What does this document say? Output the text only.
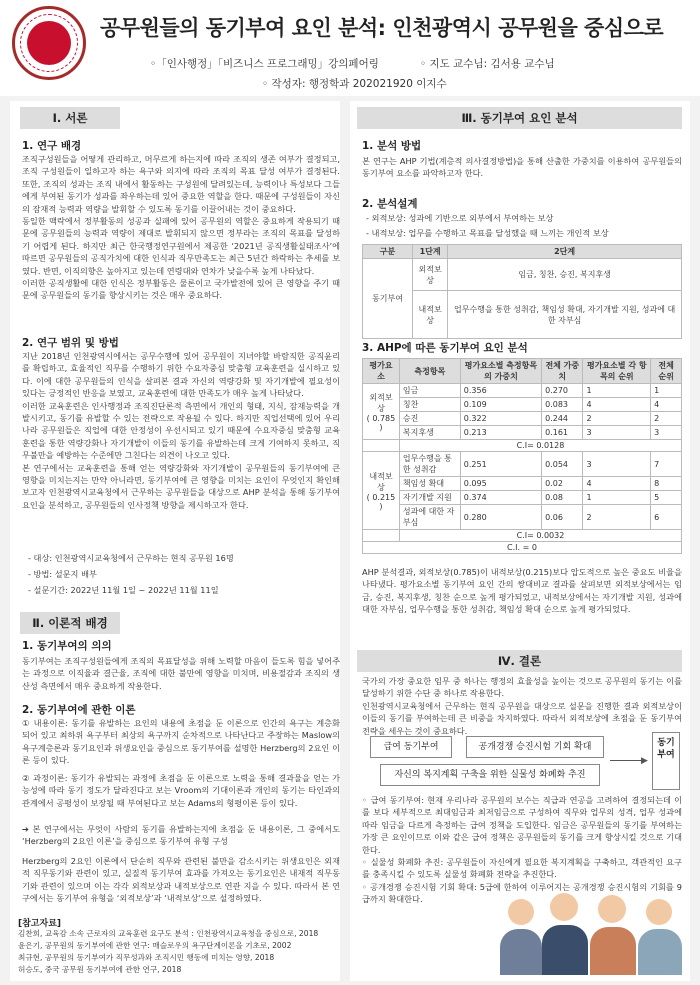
공무원들의 동기부여 요인 분석: 인천광역시 공무원을 중심으로
◦「인사행정」「비즈니스 프로그래밍」강의페어링	◦ 지도 교수님: 김서용 교수님
◦ 작성자: 행정학과 202021920 이지수
Ⅰ. 서론
1. 연구 배경
조직구성원들을 어떻게 관리하고, 머무르게 하는지에 따라 조직의 생존 여부가 결정되고, 조직 구성원들이 일하고자 하는 욕구와 의지에 따라 조직의 목표 달성 여부가 결정된다. 또한, 조직의 성과는 조직 내에서 활동하는 구성원에 달려있는데, 능력이나 특성보다 그들에게 부여된 동기가 성과를 좌우하는데 있어 중요한 역할을 한다. 때문에 구성원들이 자신의 잠재적 능력과 역량을 발휘할 수 있도록 동기를 이끌어내는 것이 중요하다.
동일한 맥락에서 정부활동의 성공과 실패에 있어 공무원의 역할은 중요하게 작용되기 때문에 공무원들의 능력과 역량이 제대로 발휘되지 않으면 정부라는 조직의 목표를 달성하기 어렵게 된다. 하지만 최근 한국행정연구원에서 제공한 ‘2021년 공직생활실태조사’에 따르면 공무원들의 공직가치에 대한 인식과 직무만족도는 최근 5년간 하락하는 추세를 보였다. 반면, 이직의향은 높아지고 있는데 연령대와 연차가 낮을수록 높게 나타났다.
이러한 공직생활에 대한 인식은 정부활동은 물론이고 국가발전에 있어 큰 영향을 주기 때문에 공무원들의 동기를 향상시키는 것은 매우 중요하다.
2. 연구 범위 및 방법
지난 2018년 인천광역시에서는 공무수행에 있어 공무원이 지녀야할 바람직한 공직윤리를 확립하고, 효율적인 직무를 수행하기 위한 수요자중심 맞춤형 교육훈련을 실시하고 있다. 이에 대한 공무원들의 인식을 살펴본 결과 자신의 역량강화 및 자기개발에 필요성이 있다는 긍정적인 반응을 보였고, 교육훈련에 대한 만족도가 매우 높게 나타났다.
이러한 교육훈련은 인사행정과 조직진단론적 측면에서 개인의 형태, 지식, 잠재능력을 개발시키고, 동기를 유발할 수 있는 전략으로 작용될 수 있다. 하지만 직업선택에 있어 우리나라 공무원들은 직업에 대한 안정성이 우선시되고 있기 때문에 수요자중심 맞춤형 교육훈련을 통한 역량강화나 자기개발이 이들의 동기를 유발하는데 크게 기여하지 못하고, 직무불만을 예방하는 수준에만 그친다는 의견이 나오고 있다.
본 연구에서는 교육훈련을 통해 얻는 역량강화와 자기개발이 공무원들의 동기부여에 큰 영향을 미치는지는 만약 아니라면, 동기부여에 큰 영향을 미치는 요인이 무엇인지 확인해보고자 인천광역시교육청에서 근무하는 공무원들을 대상으로 AHP 분석을 통해 동기부여 요인을 분석하고, 공무원들의 인사정책 방향을 제시하고자 한다.
- 대상: 인천광역시교육청에서 근무하는 현직 공무원 16명
- 방법: 설문지 배부
- 설문기간: 2022년 11월 1일 ~ 2022년 11월 11일
Ⅱ. 이론적 배경
1. 동기부여의 의의
동기부여는 조직구성원들에게 조직의 목표달성을 위해 노력할 마음이 들도록 힘을 넣어주는 과정으로 이직율과 결근율, 조직에 대한 불만에 영향을 미치며, 비용절감과 조직의 생산성 측면에서 매우 중요하게 작용한다.
2. 동기부여에 관한 이론
① 내용이론: 동기를 유발하는 요인의 내용에 초점을 둔 이론으로 인간의 욕구는 계층화 되어 있고 최하위 욕구부터 최상의 욕구까지 순차적으로 나타난다고 주장하는 Maslow의 욕구계층론과 동기요인과 위생요인을 중심으로 동기부여를 설명한 Herzberg의 2요인 이론 등이 있다.
② 과정이론: 동기가 유발되는 과정에 초점을 둔 이론으로 노력을 통해 결과물을 얻는 가능성에 따라 동기 정도가 달라진다고 보는 Vroom의 기대이론과 개인의 동기는 타인과의 관계에서 공평성이 보장될 때 부여된다고 보는 Adams의 형평이론 등이 있다.
➔ 본 연구에서는 무엇이 사람의 동기를 유발하는지에 초점을 둔 내용이론, 그 중에서도 ‘Herzberg의 2요인 이론’을 중심으로 동기부여 유형 구성
Herzberg의 2요인 이론에서 단순히 직무와 관련된 불만을 감소시키는 위생요인은 외재적 직무동기와 관련이 있고, 실질적 동기부여 효과를 가져오는 동기요인은 내재적 직무동기와 관련이 있으며 이는 각각 외적보상과 내적보상으로 연관 지을 수 있다. 따라서 본 연구에서는 동기부여 유형을 ‘외적보상’과 ‘내적보상’으로 설정하였다.
[참고자료]
김찬희, 교육감 소속 근로자의 교육훈련 요구도 분석 : 인천광역시교육청을 중심으로, 2018
윤은기, 공무원의 동기부여에 관한 연구: 매슬로우의 욕구단계이론을 기초로, 2002
최규현, 공무원의 동기부여가 직무성과와 조직시민 행동에 미치는 영향, 2018
허승도, 중국 공무원 동기부여에 관한 연구, 2018
Ⅲ. 동기부여 요인 분석
1. 분석 방법
본 연구는 AHP 기법(계층적 의사결정방법)을 통해 산출한 가중치를 이용하여 공무원들의 동기부여 요소를 파악하고자 한다.
2. 분석설계
- 외적보상: 성과에 기반으로 외부에서 부여하는 보상
- 내적보상: 업무를 수행하고 목표를 달성했을 때 느끼는 개인적 보상
구분	1단계	2단계
동기부여	외적보상	임금, 칭찬, 승진, 복지후생
	내적보상	업무수행을 통한 성취감, 책임성 확대, 자기개발 지원, 성과에 대한 자부심
3. AHP에 따른 동기부여 요인 분석
평가요소	측정항목	평가요소별 측정항목의 가중치	전체 가중치	평가요소별 각 항목의 순위	전체 순위
외적보상
( 0.785 )	임금	0.356	0.270	1	1
	칭찬	0.109	0.083	4	4
	승진	0.322	0.244	2	2
	복지후생	0.213	0.161	3	3
	C.I= 0.0128				
내적보상
( 0.215 )	업무수행을 통한 성취감	0.251	0.054	3	7
	책임성 확대	0.095	0.02	4	8
	자기개발 지원	0.374	0.08	1	5
	성과에 대한 자부심	0.280	0.06	2	6
	C.I= 0.0032				
C.I. = 0					
AHP 분석결과, 외적보상(0.785)이 내적보상(0.215)보다 압도적으로 높은 중요도 비율을 나타냈다. 평가요소별 동기부여 요인 간의 쌍대비교 결과를 살펴보면 외적보상에서는 임금, 승진, 복지후생, 칭찬 순으로 높게 평가되었고, 내적보상에서는 자기개발 지원, 성과에 대한 자부심, 업무수행을 통한 성취감, 책임성 확대 순으로 높게 평가되었다.
Ⅳ. 결론
국가의 가장 중요한 임무 중 하나는 행정의 효율성을 높이는 것으로 공무원의 동기는 이를 달성하기 위한 수단 중 하나로 작용한다.
인천광역시교육청에서 근무하는 현직 공무원을 대상으로 설문을 진행한 결과 외적보상이 이들의 동기를 부여하는데 큰 비중을 차지하였다. 따라서 외적보상에 초점을 둔 동기부여 전략을 세우는 것이 중요하다.
급여 동기부여	공개경쟁 승진시험 기회 확대
자신의 복지계획 구축을 위한 실물성 화폐화 추진
▶
동기
부여
◦ 급여 동기부여: 현재 우리나라 공무원의 보수는 직급과 연공을 고려하여 결정되는데 이를 보다 세부적으로 최대임금과 최저임금으로 구성하여 직무와 업무의 성격, 업무 성과에 따라 임금을 다르게 측정하는 급여 정책을 도입한다. 임금은 공무원들의 동기를 부여하는 가장 큰 요인이므로 이와 같은 급여 정책은 공무원들의 동기를 크게 향상시킬 것으로 기대한다.
◦ 실물성 화폐화 추진: 공무원들이 자신에게 필요한 복지계획을 구축하고, 객관적인 요구를 충족시킬 수 있도록 실물성 화폐화 전략을 추진한다.
◦ 공개경쟁 승진시험 기회 확대: 5급에 한하여 이루어지는 공개경쟁 승진시험의 기회를 9급까지 확대한다.
